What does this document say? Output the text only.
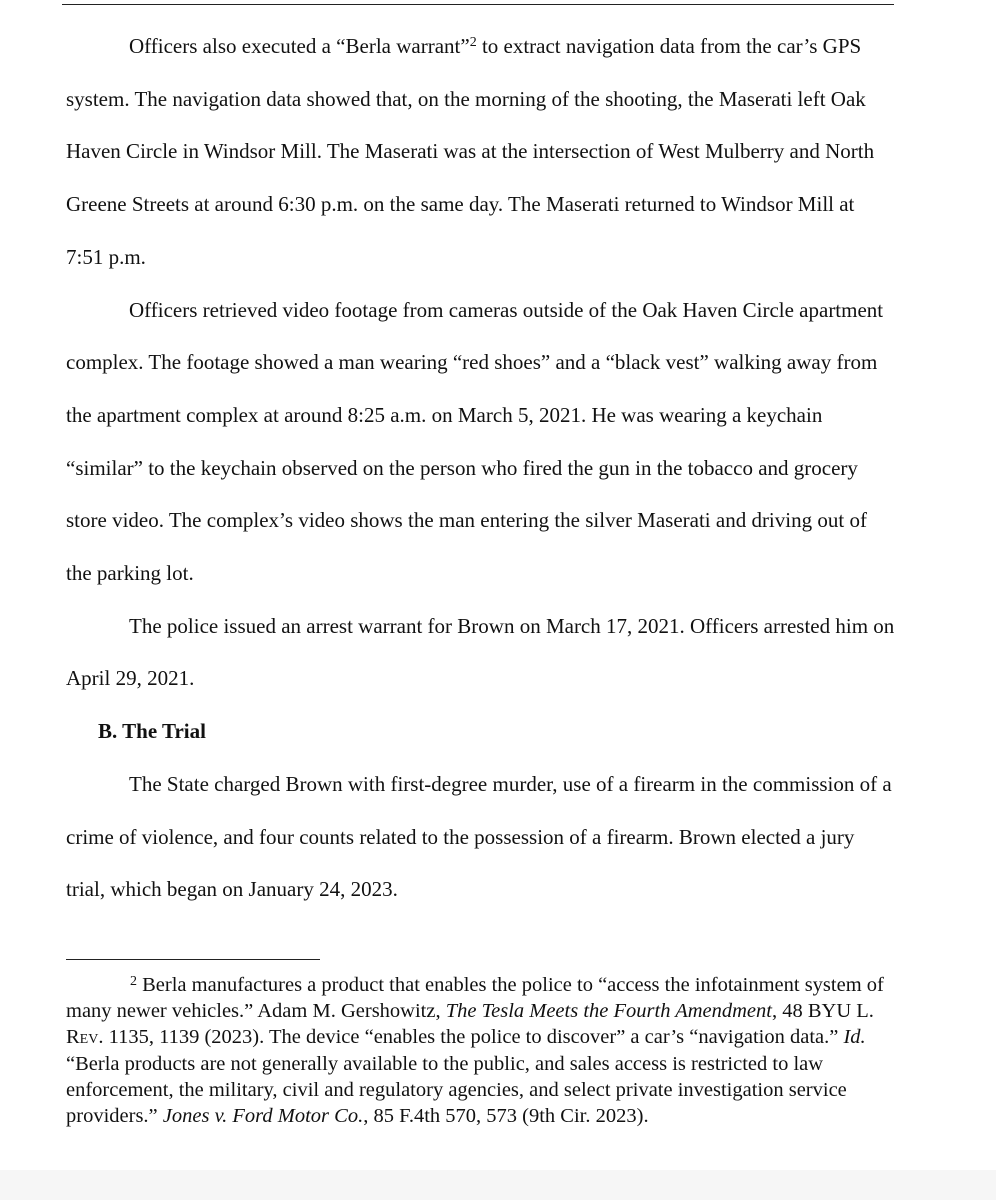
Officers also executed a “Berla warrant”$^2$ to extract navigation data from the car’s GPS system. The navigation data showed that, on the morning of the shooting, the Maserati left Oak Haven Circle in Windsor Mill. The Maserati was at the intersection of West Mulberry and North Greene Streets at around 6:30 p.m. on the same day. The Maserati returned to Windsor Mill at 7:51 p.m.

Officers retrieved video footage from cameras outside of the Oak Haven Circle apartment complex. The footage showed a man wearing “red shoes” and a “black vest” walking away from the apartment complex at around 8:25 a.m. on March 5, 2021. He was wearing a keychain “similar” to the keychain observed on the person who fired the gun in the tobacco and grocery store video. The complex’s video shows the man entering the silver Maserati and driving out of the parking lot.

The police issued an arrest warrant for Brown on March 17, 2021. Officers arrested him on April 29, 2021.

B. The Trial

The State charged Brown with first-degree murder, use of a firearm in the commission of a crime of violence, and four counts related to the possession of a firearm. Brown elected a jury trial, which began on January 24, 2023.

$^2$ Berla manufactures a product that enables the police to “access the infotainment system of many newer vehicles.” Adam M. Gershowitz, The Tesla Meets the Fourth Amendment, 48 BYU L. Rev. 1135, 1139 (2023). The device “enables the police to discover” a car’s “navigation data.” Id. “Berla products are not generally available to the public, and sales access is restricted to law enforcement, the military, civil and regulatory agencies, and select private investigation service providers.” Jones v. Ford Motor Co., 85 F.4th 570, 573 (9th Cir. 2023).
